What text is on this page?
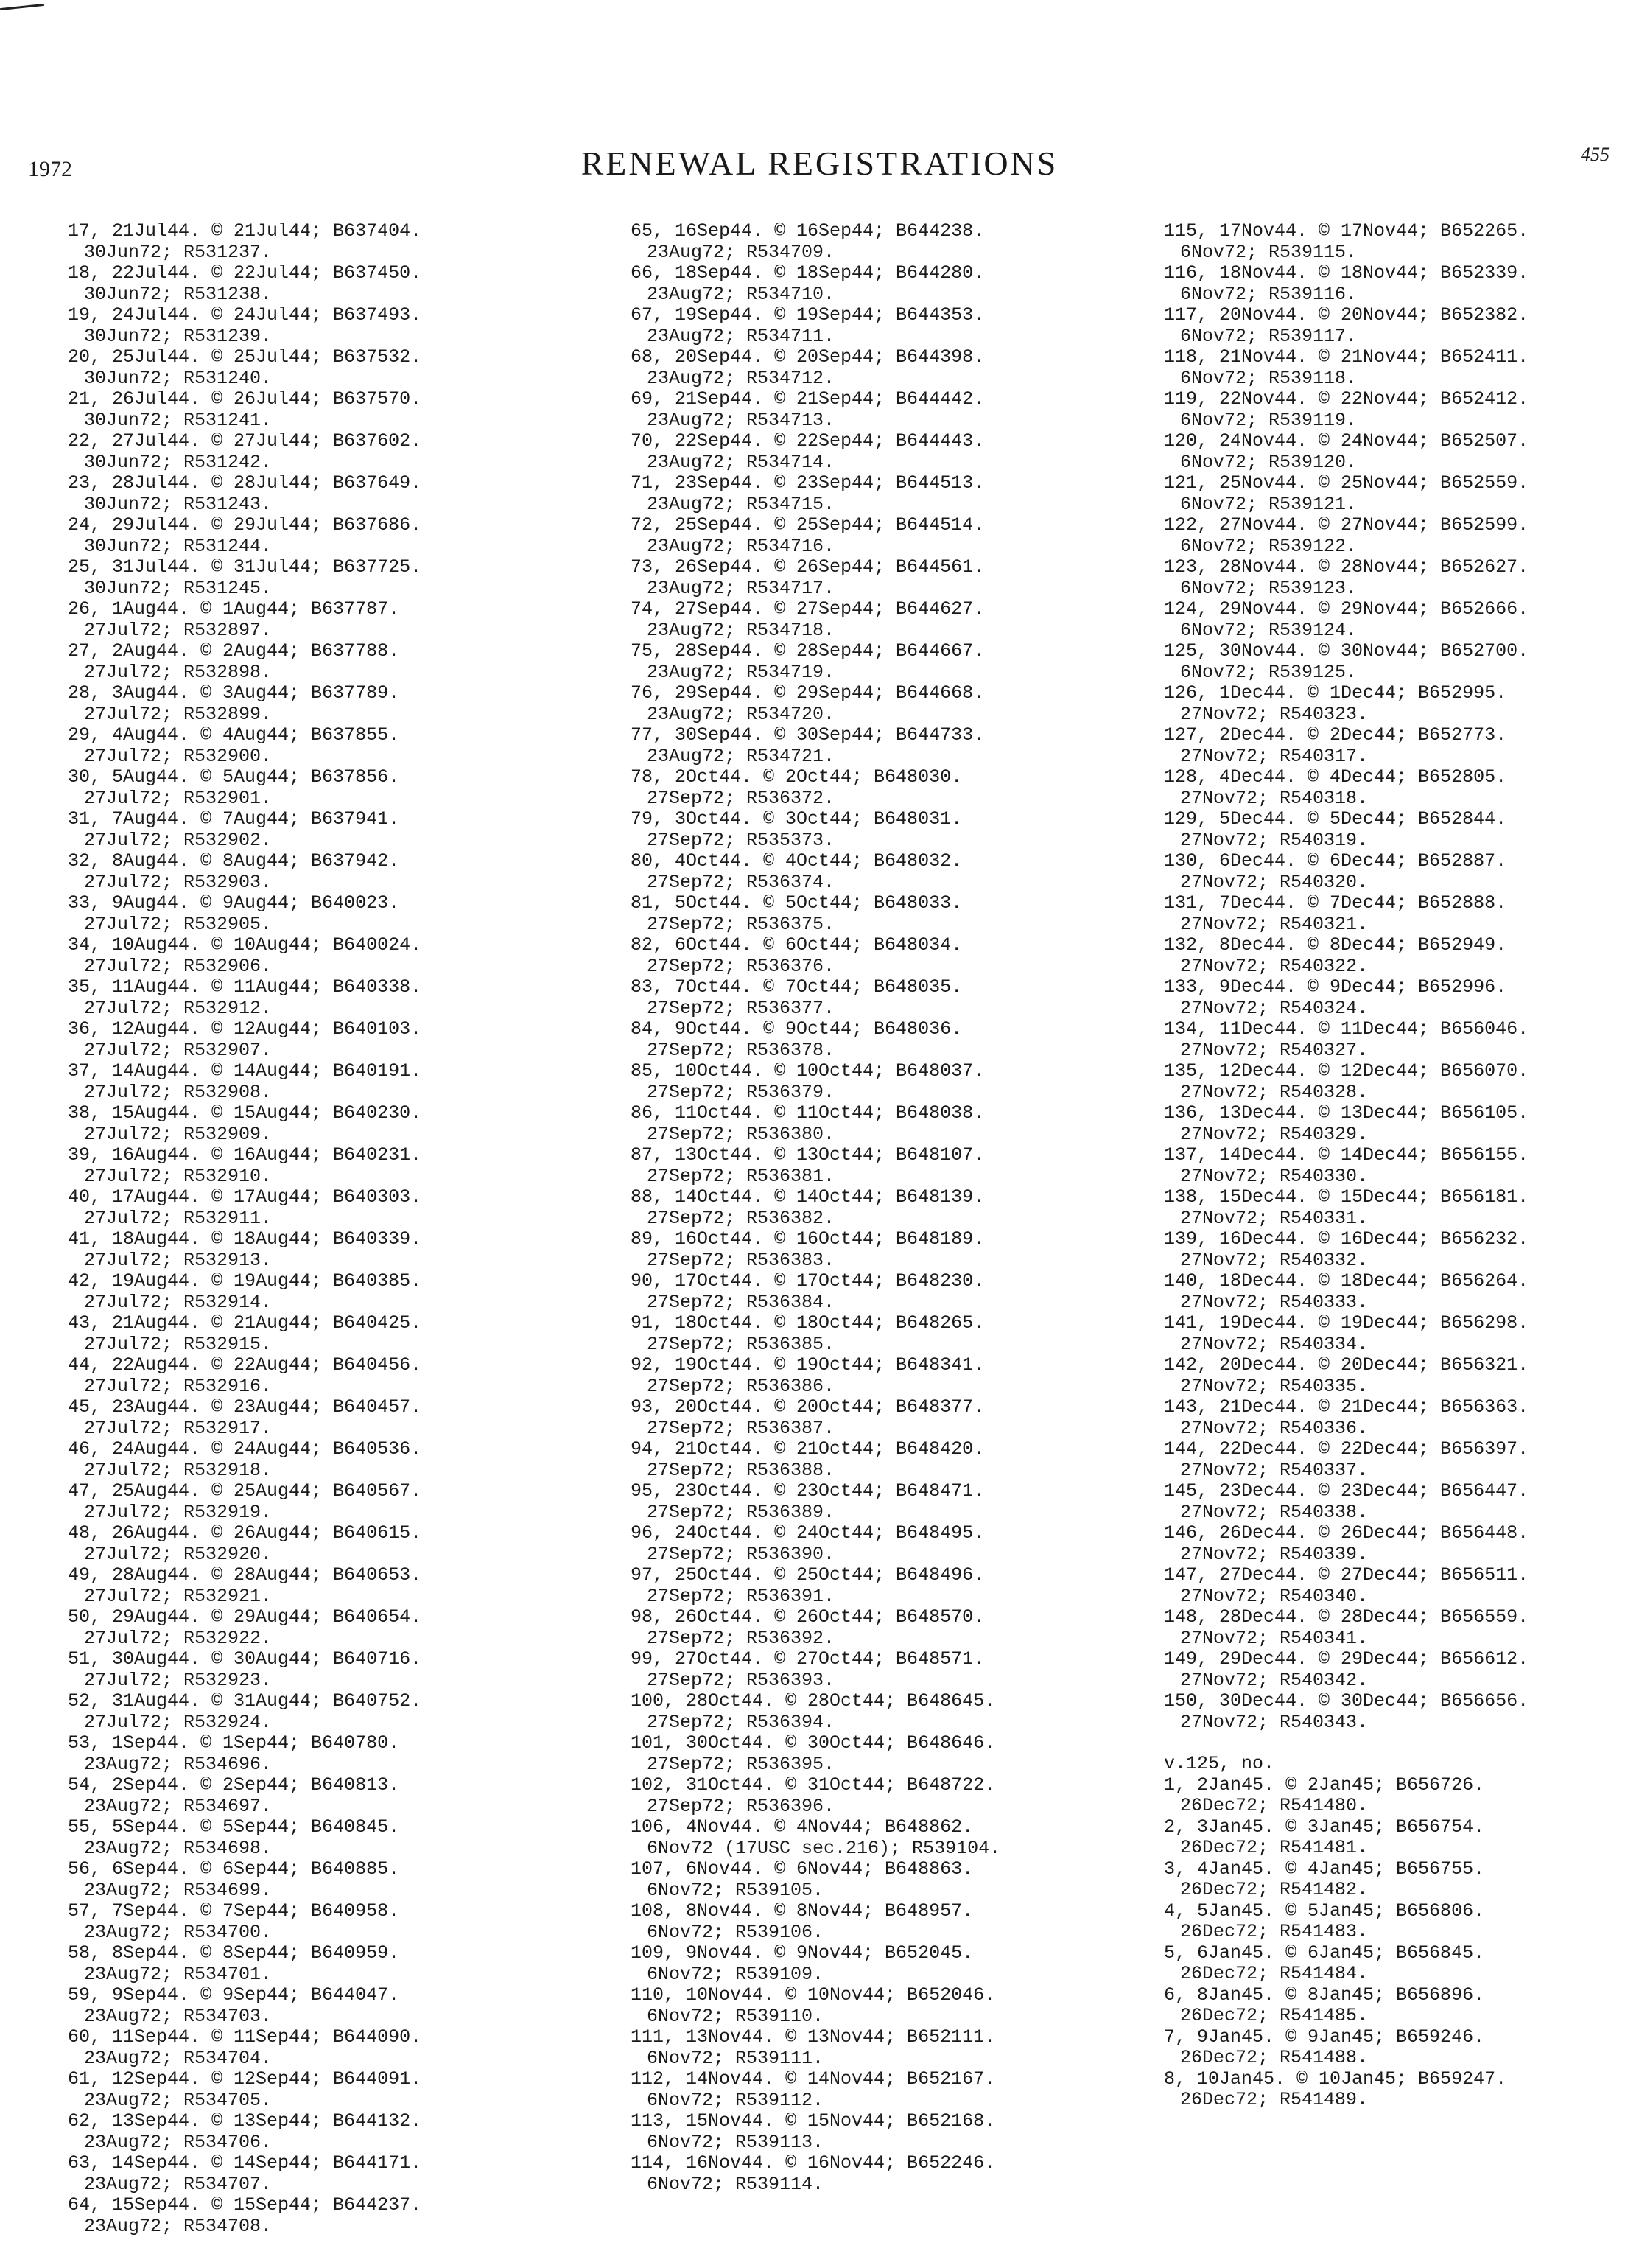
1972	RENEWAL REGISTRATIONS	455
17, 21Jul44. © 21Jul44; B637404.
30Jun72; R531237.
18, 22Jul44. © 22Jul44; B637450.
30Jun72; R531238.
19, 24Jul44. © 24Jul44; B637493.
30Jun72; R531239.
20, 25Jul44. © 25Jul44; B637532.
30Jun72; R531240.
21, 26Jul44. © 26Jul44; B637570.
30Jun72; R531241.
22, 27Jul44. © 27Jul44; B637602.
30Jun72; R531242.
23, 28Jul44. © 28Jul44; B637649.
30Jun72; R531243.
24, 29Jul44. © 29Jul44; B637686.
30Jun72; R531244.
25, 31Jul44. © 31Jul44; B637725.
30Jun72; R531245.
26, 1Aug44. © 1Aug44; B637787.
27Jul72; R532897.
27, 2Aug44. © 2Aug44; B637788.
27Jul72; R532898.
28, 3Aug44. © 3Aug44; B637789.
27Jul72; R532899.
29, 4Aug44. © 4Aug44; B637855.
27Jul72; R532900.
30, 5Aug44. © 5Aug44; B637856.
27Jul72; R532901.
31, 7Aug44. © 7Aug44; B637941.
27Jul72; R532902.
32, 8Aug44. © 8Aug44; B637942.
27Jul72; R532903.
33, 9Aug44. © 9Aug44; B640023.
27Jul72; R532905.
34, 10Aug44. © 10Aug44; B640024.
27Jul72; R532906.
35, 11Aug44. © 11Aug44; B640338.
27Jul72; R532912.
36, 12Aug44. © 12Aug44; B640103.
27Jul72; R532907.
37, 14Aug44. © 14Aug44; B640191.
27Jul72; R532908.
38, 15Aug44. © 15Aug44; B640230.
27Jul72; R532909.
39, 16Aug44. © 16Aug44; B640231.
27Jul72; R532910.
40, 17Aug44. © 17Aug44; B640303.
27Jul72; R532911.
41, 18Aug44. © 18Aug44; B640339.
27Jul72; R532913.
42, 19Aug44. © 19Aug44; B640385.
27Jul72; R532914.
43, 21Aug44. © 21Aug44; B640425.
27Jul72; R532915.
44, 22Aug44. © 22Aug44; B640456.
27Jul72; R532916.
45, 23Aug44. © 23Aug44; B640457.
27Jul72; R532917.
46, 24Aug44. © 24Aug44; B640536.
27Jul72; R532918.
47, 25Aug44. © 25Aug44; B640567.
27Jul72; R532919.
48, 26Aug44. © 26Aug44; B640615.
27Jul72; R532920.
49, 28Aug44. © 28Aug44; B640653.
27Jul72; R532921.
50, 29Aug44. © 29Aug44; B640654.
27Jul72; R532922.
51, 30Aug44. © 30Aug44; B640716.
27Jul72; R532923.
52, 31Aug44. © 31Aug44; B640752.
27Jul72; R532924.
53, 1Sep44. © 1Sep44; B640780.
23Aug72; R534696.
54, 2Sep44. © 2Sep44; B640813.
23Aug72; R534697.
55, 5Sep44. © 5Sep44; B640845.
23Aug72; R534698.
56, 6Sep44. © 6Sep44; B640885.
23Aug72; R534699.
57, 7Sep44. © 7Sep44; B640958.
23Aug72; R534700.
58, 8Sep44. © 8Sep44; B640959.
23Aug72; R534701.
59, 9Sep44. © 9Sep44; B644047.
23Aug72; R534703.
60, 11Sep44. © 11Sep44; B644090.
23Aug72; R534704.
61, 12Sep44. © 12Sep44; B644091.
23Aug72; R534705.
62, 13Sep44. © 13Sep44; B644132.
23Aug72; R534706.
63, 14Sep44. © 14Sep44; B644171.
23Aug72; R534707.
64, 15Sep44. © 15Sep44; B644237.
23Aug72; R534708.
65, 16Sep44. © 16Sep44; B644238.
23Aug72; R534709.
66, 18Sep44. © 18Sep44; B644280.
23Aug72; R534710.
67, 19Sep44. © 19Sep44; B644353.
23Aug72; R534711.
68, 20Sep44. © 20Sep44; B644398.
23Aug72; R534712.
69, 21Sep44. © 21Sep44; B644442.
23Aug72; R534713.
70, 22Sep44. © 22Sep44; B644443.
23Aug72; R534714.
71, 23Sep44. © 23Sep44; B644513.
23Aug72; R534715.
72, 25Sep44. © 25Sep44; B644514.
23Aug72; R534716.
73, 26Sep44. © 26Sep44; B644561.
23Aug72; R534717.
74, 27Sep44. © 27Sep44; B644627.
23Aug72; R534718.
75, 28Sep44. © 28Sep44; B644667.
23Aug72; R534719.
76, 29Sep44. © 29Sep44; B644668.
23Aug72; R534720.
77, 30Sep44. © 30Sep44; B644733.
23Aug72; R534721.
78, 2Oct44. © 2Oct44; B648030.
27Sep72; R536372.
79, 3Oct44. © 3Oct44; B648031.
27Sep72; R535373.
80, 4Oct44. © 4Oct44; B648032.
27Sep72; R536374.
81, 5Oct44. © 5Oct44; B648033.
27Sep72; R536375.
82, 6Oct44. © 6Oct44; B648034.
27Sep72; R536376.
83, 7Oct44. © 7Oct44; B648035.
27Sep72; R536377.
84, 9Oct44. © 9Oct44; B648036.
27Sep72; R536378.
85, 10Oct44. © 10Oct44; B648037.
27Sep72; R536379.
86, 11Oct44. © 11Oct44; B648038.
27Sep72; R536380.
87, 13Oct44. © 13Oct44; B648107.
27Sep72; R536381.
88, 14Oct44. © 14Oct44; B648139.
27Sep72; R536382.
89, 16Oct44. © 16Oct44; B648189.
27Sep72; R536383.
90, 17Oct44. © 17Oct44; B648230.
27Sep72; R536384.
91, 18Oct44. © 18Oct44; B648265.
27Sep72; R536385.
92, 19Oct44. © 19Oct44; B648341.
27Sep72; R536386.
93, 20Oct44. © 20Oct44; B648377.
27Sep72; R536387.
94, 21Oct44. © 21Oct44; B648420.
27Sep72; R536388.
95, 23Oct44. © 23Oct44; B648471.
27Sep72; R536389.
96, 24Oct44. © 24Oct44; B648495.
27Sep72; R536390.
97, 25Oct44. © 25Oct44; B648496.
27Sep72; R536391.
98, 26Oct44. © 26Oct44; B648570.
27Sep72; R536392.
99, 27Oct44. © 27Oct44; B648571.
27Sep72; R536393.
100, 28Oct44. © 28Oct44; B648645.
27Sep72; R536394.
101, 30Oct44. © 30Oct44; B648646.
27Sep72; R536395.
102, 31Oct44. © 31Oct44; B648722.
27Sep72; R536396.
106, 4Nov44. © 4Nov44; B648862.
6Nov72 (17USC sec.216); R539104.
107, 6Nov44. © 6Nov44; B648863.
6Nov72; R539105.
108, 8Nov44. © 8Nov44; B648957.
6Nov72; R539106.
109, 9Nov44. © 9Nov44; B652045.
6Nov72; R539109.
110, 10Nov44. © 10Nov44; B652046.
6Nov72; R539110.
111, 13Nov44. © 13Nov44; B652111.
6Nov72; R539111.
112, 14Nov44. © 14Nov44; B652167.
6Nov72; R539112.
113, 15Nov44. © 15Nov44; B652168.
6Nov72; R539113.
114, 16Nov44. © 16Nov44; B652246.
6Nov72; R539114.
115, 17Nov44. © 17Nov44; B652265.
6Nov72; R539115.
116, 18Nov44. © 18Nov44; B652339.
6Nov72; R539116.
117, 20Nov44. © 20Nov44; B652382.
6Nov72; R539117.
118, 21Nov44. © 21Nov44; B652411.
6Nov72; R539118.
119, 22Nov44. © 22Nov44; B652412.
6Nov72; R539119.
120, 24Nov44. © 24Nov44; B652507.
6Nov72; R539120.
121, 25Nov44. © 25Nov44; B652559.
6Nov72; R539121.
122, 27Nov44. © 27Nov44; B652599.
6Nov72; R539122.
123, 28Nov44. © 28Nov44; B652627.
6Nov72; R539123.
124, 29Nov44. © 29Nov44; B652666.
6Nov72; R539124.
125, 30Nov44. © 30Nov44; B652700.
6Nov72; R539125.
126, 1Dec44. © 1Dec44; B652995.
27Nov72; R540323.
127, 2Dec44. © 2Dec44; B652773.
27Nov72; R540317.
128, 4Dec44. © 4Dec44; B652805.
27Nov72; R540318.
129, 5Dec44. © 5Dec44; B652844.
27Nov72; R540319.
130, 6Dec44. © 6Dec44; B652887.
27Nov72; R540320.
131, 7Dec44. © 7Dec44; B652888.
27Nov72; R540321.
132, 8Dec44. © 8Dec44; B652949.
27Nov72; R540322.
133, 9Dec44. © 9Dec44; B652996.
27Nov72; R540324.
134, 11Dec44. © 11Dec44; B656046.
27Nov72; R540327.
135, 12Dec44. © 12Dec44; B656070.
27Nov72; R540328.
136, 13Dec44. © 13Dec44; B656105.
27Nov72; R540329.
137, 14Dec44. © 14Dec44; B656155.
27Nov72; R540330.
138, 15Dec44. © 15Dec44; B656181.
27Nov72; R540331.
139, 16Dec44. © 16Dec44; B656232.
27Nov72; R540332.
140, 18Dec44. © 18Dec44; B656264.
27Nov72; R540333.
141, 19Dec44. © 19Dec44; B656298.
27Nov72; R540334.
142, 20Dec44. © 20Dec44; B656321.
27Nov72; R540335.
143, 21Dec44. © 21Dec44; B656363.
27Nov72; R540336.
144, 22Dec44. © 22Dec44; B656397.
27Nov72; R540337.
145, 23Dec44. © 23Dec44; B656447.
27Nov72; R540338.
146, 26Dec44. © 26Dec44; B656448.
27Nov72; R540339.
147, 27Dec44. © 27Dec44; B656511.
27Nov72; R540340.
148, 28Dec44. © 28Dec44; B656559.
27Nov72; R540341.
149, 29Dec44. © 29Dec44; B656612.
27Nov72; R540342.
150, 30Dec44. © 30Dec44; B656656.
27Nov72; R540343.
v.125, no.
1, 2Jan45. © 2Jan45; B656726.
26Dec72; R541480.
2, 3Jan45. © 3Jan45; B656754.
26Dec72; R541481.
3, 4Jan45. © 4Jan45; B656755.
26Dec72; R541482.
4, 5Jan45. © 5Jan45; B656806.
26Dec72; R541483.
5, 6Jan45. © 6Jan45; B656845.
26Dec72; R541484.
6, 8Jan45. © 8Jan45; B656896.
26Dec72; R541485.
7, 9Jan45. © 9Jan45; B659246.
26Dec72; R541488.
8, 10Jan45. © 10Jan45; B659247.
26Dec72; R541489.
